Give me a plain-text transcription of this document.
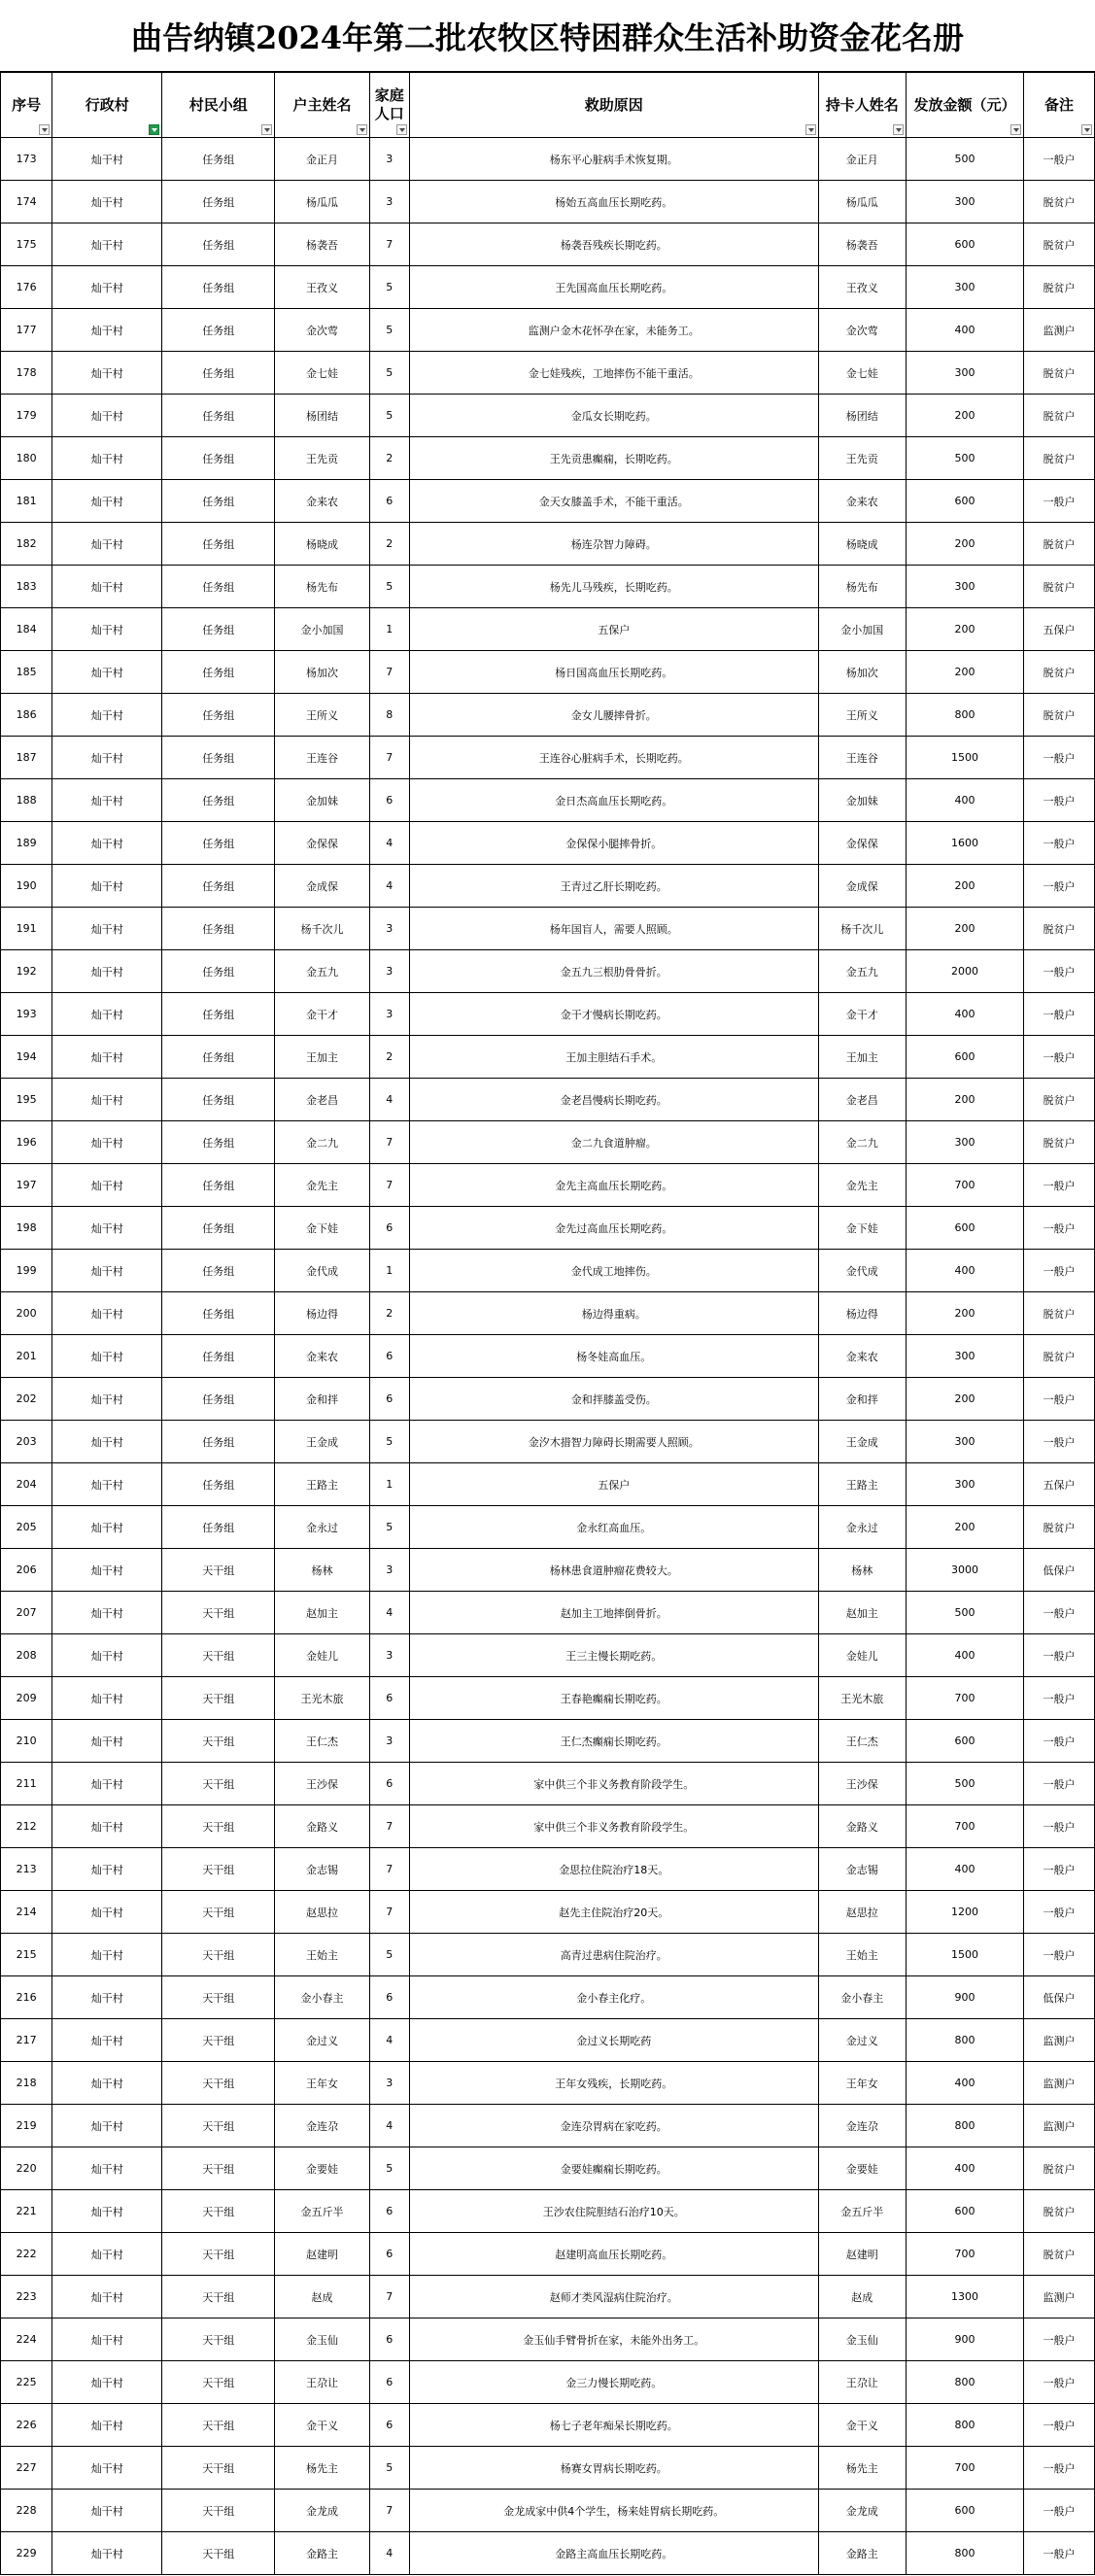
曲告纳镇2024年第二批农牧区特困群众生活补助资金花名册
序号	行政村	村民小组	户主姓名	家庭人口	救助原因	持卡人姓名	发放金额（元）	备注

173	灿干村	任务组	金正月	3	杨东平心脏病手术恢复期。	金正月	500	一般户
174	灿干村	任务组	杨瓜瓜	3	杨始五高血压长期吃药。	杨瓜瓜	300	脱贫户
175	灿干村	任务组	杨袭吾	7	杨袭吾残疾长期吃药。	杨袭吾	600	脱贫户
176	灿干村	任务组	王孜义	5	王先国高血压长期吃药。	王孜义	300	脱贫户
177	灿干村	任务组	金次莺	5	监测户金木花怀孕在家，未能务工。	金次莺	400	监测户
178	灿干村	任务组	金七娃	5	金七娃残疾，工地摔伤不能干重活。	金七娃	300	脱贫户
179	灿干村	任务组	杨团结	5	金瓜女长期吃药。	杨团结	200	脱贫户
180	灿干村	任务组	王先贡	2	王先贡患癫痫，长期吃药。	王先贡	500	脱贫户
181	灿干村	任务组	金来农	6	金天女膝盖手术，不能干重活。	金来农	600	一般户
182	灿干村	任务组	杨晓成	2	杨连尕智力障碍。	杨晓成	200	脱贫户
183	灿干村	任务组	杨先布	5	杨先儿马残疾，长期吃药。	杨先布	300	脱贫户
184	灿干村	任务组	金小加国	1	五保户	金小加国	200	五保户
185	灿干村	任务组	杨加次	7	杨日国高血压长期吃药。	杨加次	200	脱贫户
186	灿干村	任务组	王所义	8	金女儿腰摔骨折。	王所义	800	脱贫户
187	灿干村	任务组	王连谷	7	王连谷心脏病手术，长期吃药。	王连谷	1500	一般户
188	灿干村	任务组	金加妹	6	金日杰高血压长期吃药。	金加妹	400	一般户
189	灿干村	任务组	金保保	4	金保保小腿摔骨折。	金保保	1600	一般户
190	灿干村	任务组	金成保	4	王青过乙肝长期吃药。	金成保	200	一般户
191	灿干村	任务组	杨千次儿	3	杨年国盲人，需要人照顾。	杨千次儿	200	脱贫户
192	灿干村	任务组	金五九	3	金五九三根肋骨骨折。	金五九	2000	一般户
193	灿干村	任务组	金干才	3	金干才慢病长期吃药。	金干才	400	一般户
194	灿干村	任务组	王加主	2	王加主胆结石手术。	王加主	600	一般户
195	灿干村	任务组	金老昌	4	金老昌慢病长期吃药。	金老昌	200	脱贫户
196	灿干村	任务组	金二九	7	金二九食道肿瘤。	金二九	300	脱贫户
197	灿干村	任务组	金先主	7	金先主高血压长期吃药。	金先主	700	一般户
198	灿干村	任务组	金下娃	6	金先过高血压长期吃药。	金下娃	600	一般户
199	灿干村	任务组	金代成	1	金代成工地摔伤。	金代成	400	一般户
200	灿干村	任务组	杨边得	2	杨边得重病。	杨边得	200	脱贫户
201	灿干村	任务组	金来农	6	杨冬娃高血压。	金来农	300	脱贫户
202	灿干村	任务组	金和拌	6	金和拌膝盖受伤。	金和拌	200	一般户
203	灿干村	任务组	王金成	5	金汐木措智力障碍长期需要人照顾。	王金成	300	一般户
204	灿干村	任务组	王路主	1	五保户	王路主	300	五保户
205	灿干村	任务组	金永过	5	金永红高血压。	金永过	200	脱贫户
206	灿干村	天干组	杨林	3	杨林患食道肿瘤花费较大。	杨林	3000	低保户
207	灿干村	天干组	赵加主	4	赵加主工地摔倒骨折。	赵加主	500	一般户
208	灿干村	天干组	金娃儿	3	王三主慢长期吃药。	金娃儿	400	一般户
209	灿干村	天干组	王光木旅	6	王春艳癫痫长期吃药。	王光木旅	700	一般户
210	灿干村	天干组	王仁杰	3	王仁杰癫痫长期吃药。	王仁杰	600	一般户
211	灿干村	天干组	王沙保	6	家中供三个非义务教育阶段学生。	王沙保	500	一般户
212	灿干村	天干组	金路义	7	家中供三个非义务教育阶段学生。	金路义	700	一般户
213	灿干村	天干组	金志锡	7	金思拉住院治疗18天。	金志锡	400	一般户
214	灿干村	天干组	赵思拉	7	赵先主住院治疗20天。	赵思拉	1200	一般户
215	灿干村	天干组	王始主	5	高青过患病住院治疗。	王始主	1500	一般户
216	灿干村	天干组	金小春主	6	金小春主化疗。	金小春主	900	低保户
217	灿干村	天干组	金过义	4	金过义长期吃药	金过义	800	监测户
218	灿干村	天干组	王年女	3	王年女残疾，长期吃药。	王年女	400	监测户
219	灿干村	天干组	金连尕	4	金连尕胃病在家吃药。	金连尕	800	监测户
220	灿干村	天干组	金要娃	5	金要娃癫痫长期吃药。	金要娃	400	脱贫户
221	灿干村	天干组	金五斤半	6	王沙农住院胆结石治疗10天。	金五斤半	600	脱贫户
222	灿干村	天干组	赵建明	6	赵建明高血压长期吃药。	赵建明	700	脱贫户
223	灿干村	天干组	赵成	7	赵师才类风湿病住院治疗。	赵成	1300	监测户
224	灿干村	天干组	金玉仙	6	金玉仙手臂骨折在家，未能外出务工。	金玉仙	900	一般户
225	灿干村	天干组	王尕让	6	金三力慢长期吃药。	王尕让	800	一般户
226	灿干村	天干组	金干义	6	杨七子老年痴呆长期吃药。	金干义	800	一般户
227	灿干村	天干组	杨先主	5	杨赛女胃病长期吃药。	杨先主	700	一般户
228	灿干村	天干组	金龙成	7	金龙成家中供4个学生，杨来娃胃病长期吃药。	金龙成	600	一般户
229	灿干村	天干组	金路主	4	金路主高血压长期吃药。	金路主	800	一般户
